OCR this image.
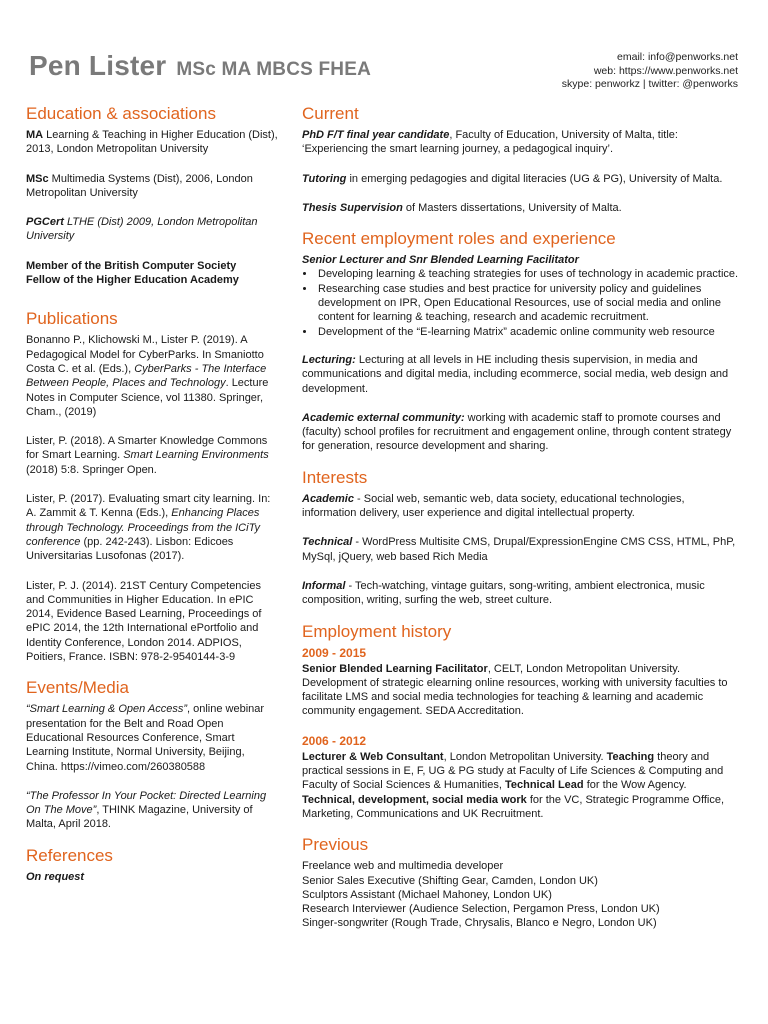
Pen Lister MSc MA MBCS FHEA
email: info@penworks.net
web: https://www.penworks.net
skype: penworkz | twitter: @penworks
Education & associations

MA Learning & Teaching in Higher Education (Dist), 2013, London Metropolitan University

MSc Multimedia Systems (Dist), 2006, London Metropolitan University

PGCert LTHE (Dist) 2009, London Metropolitan University

Member of the British Computer Society

Fellow of the Higher Education Academy

Publications

Bonanno P., Klichowski M., Lister P. (2019). A Pedagogical Model for CyberParks. In Smaniotto Costa C. et al. (Eds.), CyberParks - The Interface Between People, Places and Technology. Lecture Notes in Computer Science, vol 11380. Springer, Cham., (2019)

Lister, P. (2018). A Smarter Knowledge Commons for Smart Learning. Smart Learning Environments (2018) 5:8. Springer Open.

Lister, P. (2017). Evaluating smart city learning. In: A. Zammit & T. Kenna (Eds.), Enhancing Places through Technology. Proceedings from the ICiTy conference (pp. 242-243). Lisbon: Edicoes Universitarias Lusofonas (2017).

Lister, P. J. (2014). 21ST Century Competencies and Communities in Higher Education. In ePIC 2014, Evidence Based Learning, Proceedings of ePIC 2014, the 12th International ePortfolio and Identity Conference, London 2014. ADPIOS, Poitiers, France. ISBN: 978-2-9540144-3-9

Events/Media

“Smart Learning & Open Access”, online webinar presentation for the Belt and Road Open Educational Resources Conference, Smart Learning Institute, Normal University, Beijing, China. https://vimeo.com/260380588

“The Professor In Your Pocket: Directed Learning On The Move”, THINK Magazine, University of Malta, April 2018.

References

On request

Current

PhD F/T final year candidate, Faculty of Education, University of Malta, title: ‘Experiencing the smart learning journey, a pedagogical inquiry’.

Tutoring in emerging pedagogies and digital literacies (UG & PG), University of Malta.

Thesis Supervision of Masters dissertations, University of Malta.

Recent employment roles and experience

Senior Lecturer and Snr Blended Learning Facilitator

• Developing learning & teaching strategies for uses of technology in academic practice.
• Researching case studies and best practice for university policy and guidelines development on IPR, Open Educational Resources, use of social media and online content for learning & teaching, research and academic recruitment.
• Development of the “E-learning Matrix” academic online community web resource

Lecturing: Lecturing at all levels in HE including thesis supervision, in media and communications and digital media, including ecommerce, social media, web design and development.

Academic external community: working with academic staff to promote courses and (faculty) school profiles for recruitment and engagement online, through content strategy for generation, resource development and sharing.

Interests

Academic - Social web, semantic web, data society, educational technologies, information delivery, user experience and digital intellectual property.

Technical - WordPress Multisite CMS, Drupal/ExpressionEngine CMS CSS, HTML, PhP, MySql, jQuery, web based Rich Media

Informal - Tech-watching, vintage guitars, song-writing, ambient electronica, music composition, writing, surfing the web, street culture.

Employment history
2009 - 2015

Senior Blended Learning Facilitator, CELT, London Metropolitan University. Development of strategic elearning online resources, working with university faculties to facilitate LMS and social media technologies for teaching & learning and academic community engagement. SEDA Accreditation.

2006 - 2012

Lecturer & Web Consultant, London Metropolitan University. Teaching theory and practical sessions in E, F, UG & PG study at Faculty of Life Sciences & Computing and Faculty of Social Sciences & Humanities, Technical Lead for the Wow Agency. Technical, development, social media work for the VC, Strategic Programme Office, Marketing, Communications and UK Recruitment.

Previous

Freelance web and multimedia developer

Senior Sales Executive (Shifting Gear, Camden, London UK)

Sculptors Assistant (Michael Mahoney, London UK)

Research Interviewer (Audience Selection, Pergamon Press, London UK)

Singer-songwriter (Rough Trade, Chrysalis, Blanco e Negro, London UK)
